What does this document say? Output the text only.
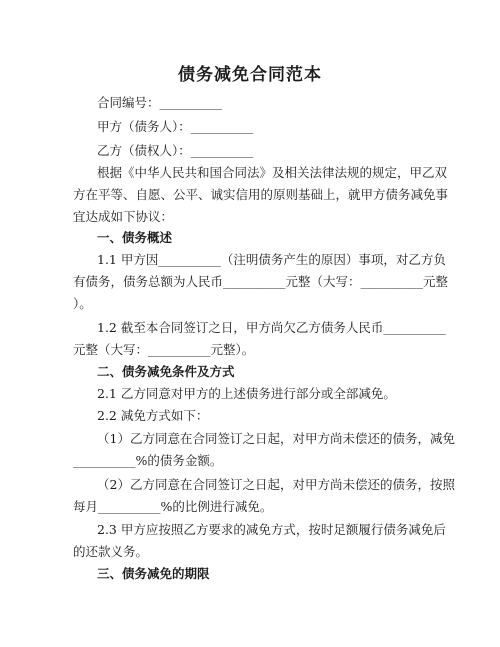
债务减免合同范本
合同编号：__________
甲方（债务人）：__________
乙方（债权人）：__________
根据《中华人民共和国合同法》及相关法律法规的规定，甲乙双
方在平等、自愿、公平、诚实信用的原则基础上，就甲方债务减免事
宜达成如下协议：
一、债务概述
1.1 甲方因__________（注明债务产生的原因）事项，对乙方负
有债务，债务总额为人民币__________元整（大写：__________元整
）。
1.2 截至本合同签订之日，甲方尚欠乙方债务人民币__________
元整（大写：__________元整）。
二、债务减免条件及方式
2.1 乙方同意对甲方的上述债务进行部分或全部减免。
2.2 减免方式如下：
（1）乙方同意在合同签订之日起，对甲方尚未偿还的债务，减免
__________%的债务金额。
（2）乙方同意在合同签订之日起，对甲方尚未偿还的债务，按照
每月__________%的比例进行减免。
2.3 甲方应按照乙方要求的减免方式，按时足额履行债务减免后
的还款义务。
三、债务减免的期限
